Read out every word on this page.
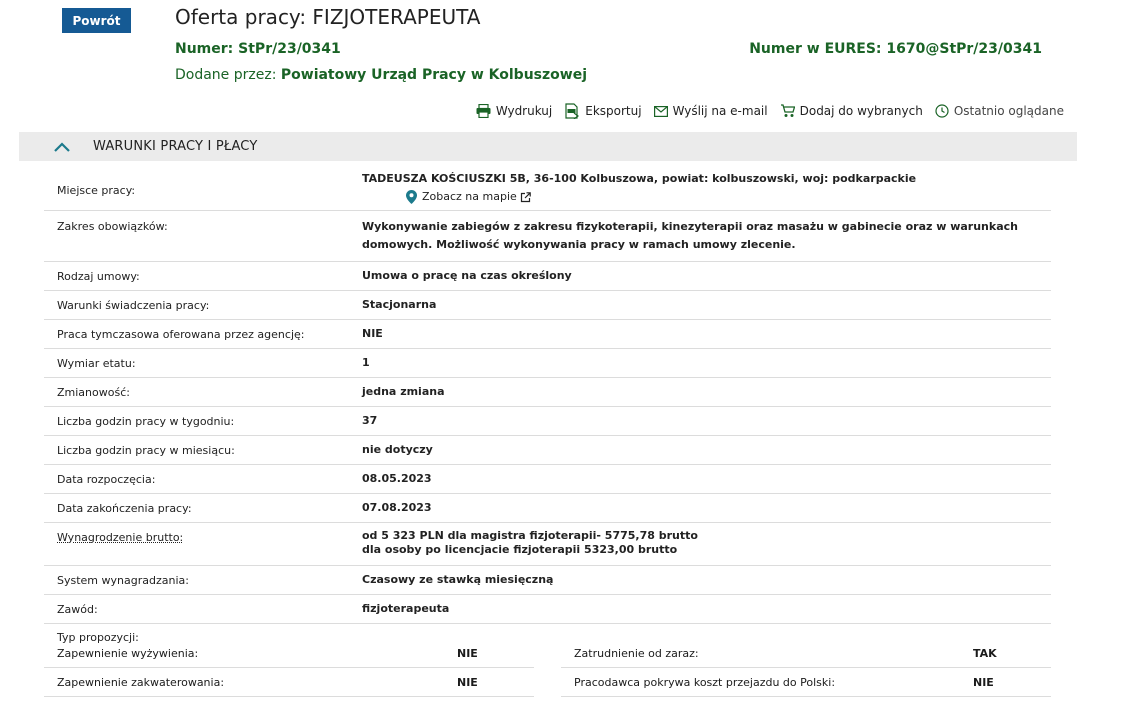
Powrót	Oferta pracy: FIZJOTERAPEUTA
Numer: StPr/23/0341	Numer w EURES: 1670@StPr/23/0341
Dodane przez: Powiatowy Urząd Pracy w Kolbuszowej
Wydrukuj	Eksportuj	Wyślij na e-mail	Dodaj do wybranych	Ostatnio oglądane
WARUNKI PRACY I PŁACY
Miejsce pracy:	TADEUSZA KOŚCIUSZKI 5B, 36-100 Kolbuszowa, powiat: kolbuszowski, woj: podkarpackie
Zobacz na mapie

Zakres obowiązków:	Wykonywanie zabiegów z zakresu fizykoterapii, kinezyterapii oraz masażu w gabinecie oraz w warunkach domowych. Możliwość wykonywania pracy w ramach umowy zlecenie.
Rodzaj umowy:	Umowa o pracę na czas określony
Warunki świadczenia pracy:	Stacjonarna
Praca tymczasowa oferowana przez agencję:	NIE
Wymiar etatu:	1
Zmianowość:	jedna zmiana
Liczba godzin pracy w tygodniu:	37
Liczba godzin pracy w miesiącu:	nie dotyczy
Data rozpoczęcia:	08.05.2023
Data zakończenia pracy:	07.08.2023
Wynagrodzenie brutto:	od 5 323 PLN dla magistra fizjoterapii- 5775,78 brutto
dla osoby po licencjacie fizjoterapii 5323,00 brutto

System wynagradzania:	Czasowy ze stawką miesięczną
Zawód:	fizjoterapeuta
Typ propozycji:	
Zapewnienie wyżywienia:	NIE
Zapewnienie zakwaterowania:	NIE
Zatrudnienie od zaraz:	TAK
Pracodawca pokrywa koszt przejazdu do Polski:	NIE
